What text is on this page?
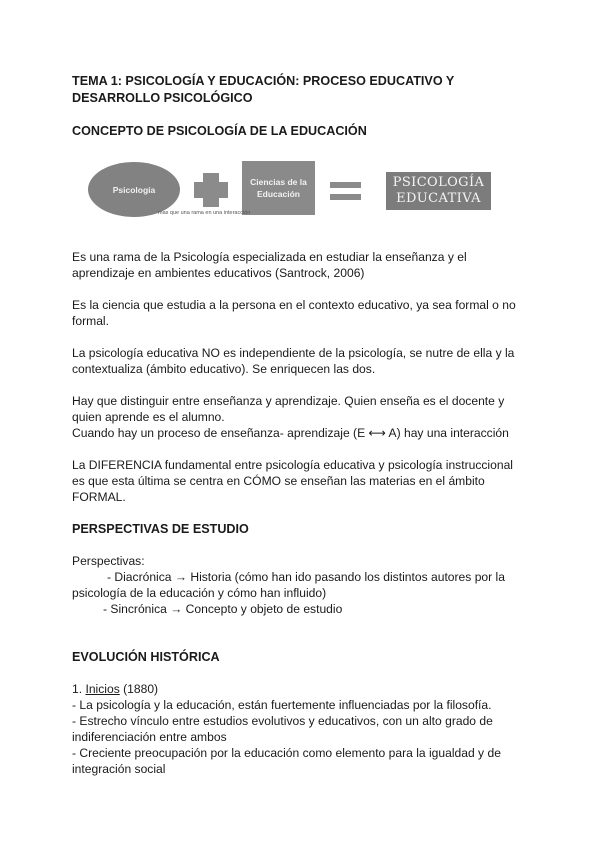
TEMA 1: PSICOLOGÍA Y EDUCACIÓN: PROCESO EDUCATIVO Y
DESARROLLO PSICOLÓGICO
CONCEPTO DE PSICOLOGÍA DE LA EDUCACIÓN
Psicología
Ciencias de la
Educación
PSICOLOGÍA
EDUCATIVA
mas que una rama en una interacción
Es una rama de la Psicología especializada en estudiar la enseñanza y el
aprendizaje en ambientes educativos (Santrock, 2006)
Es la ciencia que estudia a la persona en el contexto educativo, ya sea formal o no
formal.
La psicología educativa NO es independiente de la psicología, se nutre de ella y la
contextualiza (ámbito educativo). Se enriquecen las dos.
Hay que distinguir entre enseñanza y aprendizaje. Quien enseña es el docente y
quien aprende es el alumno.
Cuando hay un proceso de enseñanza- aprendizaje (E ⟷ A) hay una interacción
La DIFERENCIA fundamental entre psicología educativa y psicología instruccional
es que esta última se centra en CÓMO se enseñan las materias en el ámbito
FORMAL.
PERSPECTIVAS DE ESTUDIO
Perspectivas:
- Diacrónica → Historia (cómo han ido pasando los distintos autores por la
psicología de la educación y cómo han influido)
- Sincrónica → Concepto y objeto de estudio
EVOLUCIÓN HISTÓRICA
1. Inicios (1880)
- La psicología y la educación, están fuertemente influenciadas por la filosofía.
- Estrecho vínculo entre estudios evolutivos y educativos, con un alto grado de
indiferenciación entre ambos
- Creciente preocupación por la educación como elemento para la igualdad y de
integración social
